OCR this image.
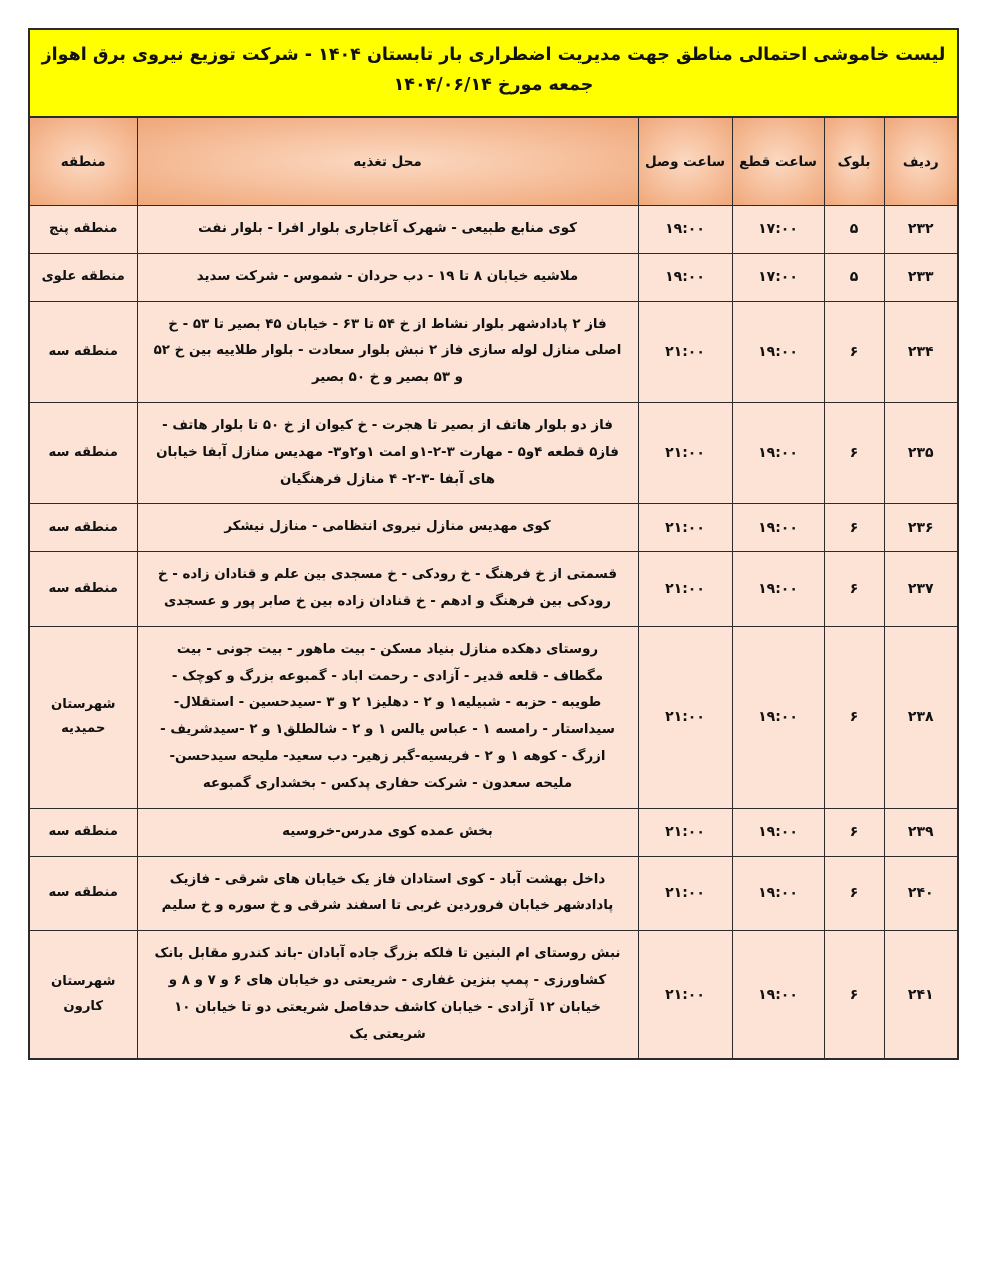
لیست خاموشی احتمالی مناطق جهت مدیریت اضطراری بار تابستان ۱۴۰۴ - شرکت توزیع نیروی برق اهواز
جمعه مورخ ۱۴۰۴/۰۶/۱۴					

ردیف	بلوک	ساعت قطع	ساعت وصل	محل تغذیه	منطقه
۲۳۲	۵	۱۷:۰۰	۱۹:۰۰	کوی منابع طبیعی - شهرک آغاجاری بلوار افرا - بلوار نفت	منطقه پنج
۲۳۳	۵	۱۷:۰۰	۱۹:۰۰	ملاشیه خیابان ۸ تا ۱۹ - دب حردان - شموس - شرکت سدید	منطقه علوی
۲۳۴	۶	۱۹:۰۰	۲۱:۰۰	فاز ۲ پادادشهر بلوار نشاط از خ ۵۴ تا ۶۳ - خیابان ۴۵ بصیر تا ۵۳ - خ اصلی منازل لوله سازی فاز ۲ نبش بلوار سعادت - بلوار طلاییه بین خ ۵۲ و ۵۳ بصیر و خ ۵۰ بصیر	منطقه سه
۲۳۵	۶	۱۹:۰۰	۲۱:۰۰	فاز دو بلوار هاتف از بصیر تا هجرت - خ کیوان از خ ۵۰ تا بلوار هاتف - فاز۵ قطعه ۴و۵ - مهارت ۳-۲-۱و امت ۱و۲و۳- مهدیس منازل آبفا خیابان های آبفا -۳-۲- ۴ منازل فرهنگیان	منطقه سه
۲۳۶	۶	۱۹:۰۰	۲۱:۰۰	کوی مهدیس منازل نیروی انتظامی - منازل نیشکر	منطقه سه
۲۳۷	۶	۱۹:۰۰	۲۱:۰۰	قسمتی از خ فرهنگ - خ رودکی - خ مسجدی بین علم و قنادان زاده - خ رودکی بین فرهنگ و ادهم - خ قنادان زاده بین خ صابر پور و عسجدی	منطقه سه
۲۳۸	۶	۱۹:۰۰	۲۱:۰۰	روستای دهکده منازل بنیاد مسکن - بیت ماهور - بیت جونی - بیت مگطاف - قلعه قدیر - آزادی - رحمت اباد - گمبوعه بزرگ و کوچک - طویبه - حزبه - شبیلیه۱ و ۲ - دهلیز۱ ۲ و ۳ -سیدحسین - استقلال- سیداستار - رامسه ۱ - عباس یالس ۱ و ۲ - شالطلق۱ و ۲ -سیدشریف - ازرگ - کوهه ۱ و ۲ - فریسیه-گبر زهیر- دب سعید- ملیحه سیدحسن- ملیحه سعدون - شرکت حفاری پدکس - بخشداری گمبوعه	شهرستان حمیدیه
۲۳۹	۶	۱۹:۰۰	۲۱:۰۰	بخش عمده کوی مدرس-خروسیه	منطقه سه
۲۴۰	۶	۱۹:۰۰	۲۱:۰۰	داخل بهشت آباد - کوی استادان فاز یک خیابان های شرقی - فازیک پادادشهر خیابان فروردین غربی تا اسفند شرقی و خ سوره و خ سلیم	منطقه سه
۲۴۱	۶	۱۹:۰۰	۲۱:۰۰	نبش روستای ام البنین تا فلکه بزرگ جاده آبادان -باند کندرو مقابل بانک کشاورزی - پمپ بنزین غفاری - شریعتی دو خیابان های ۶ و ۷ و ۸ و خیابان ۱۲ آزادی - خیابان کاشف حدفاصل شریعتی دو تا خیابان ۱۰ شریعتی یک	شهرستان کارون
